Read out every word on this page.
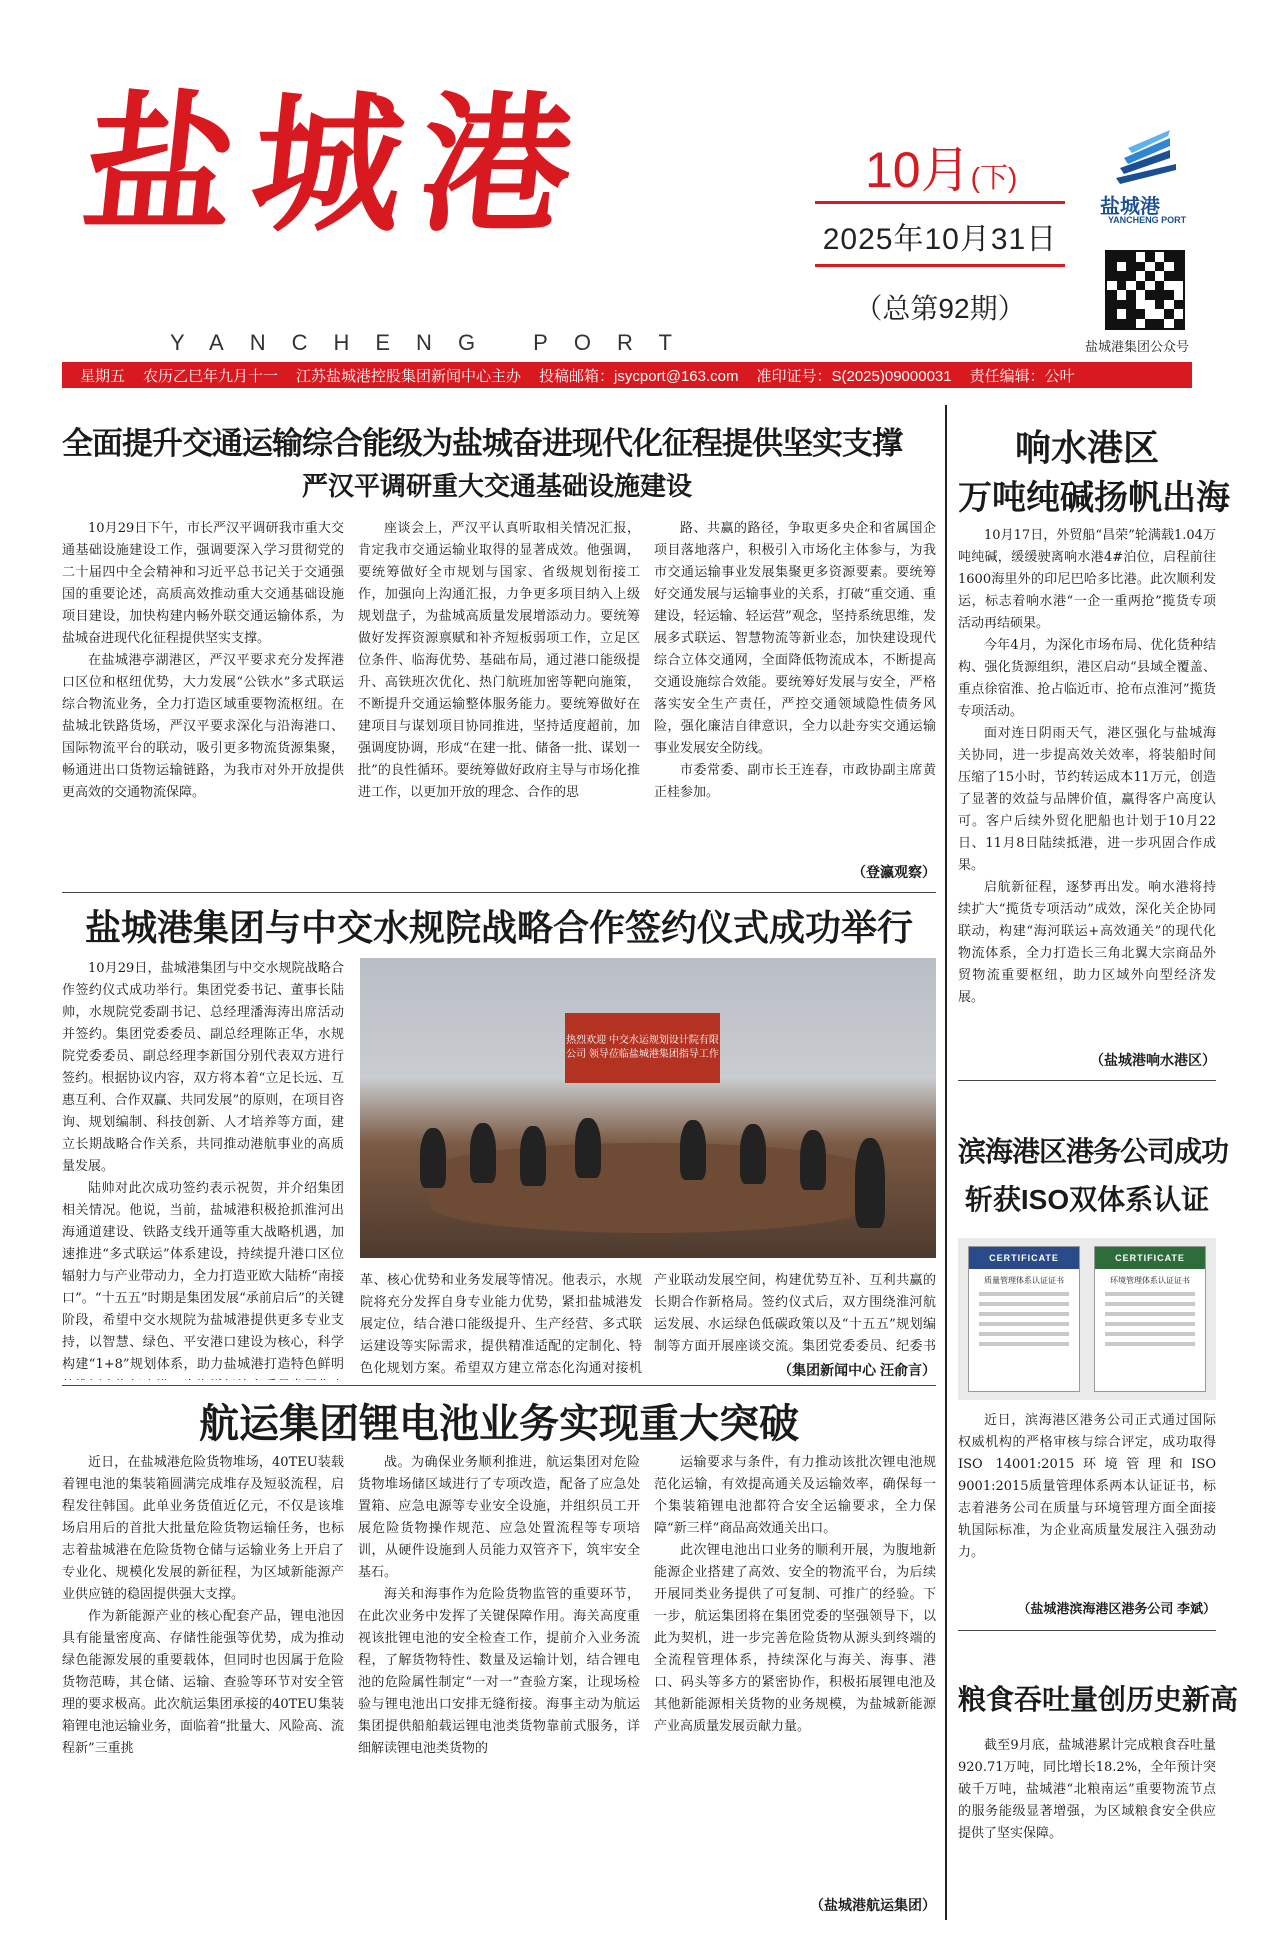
盐城港
YANCHENG PORT
10月(下)
2025年10月31日
（总第92期）
盐城港
YANCHENG PORT
盐城港集团公众号
星期五 农历乙巳年九月十一 江苏盐城港控股集团新闻中心主办 投稿邮箱：jsycport@163.com 准印证号：S(2025)09000031 责任编辑：公叶
全面提升交通运输综合能级为盐城奋进现代化征程提供坚实支撑
严汉平调研重大交通基础设施建设

10月29日下午，市长严汉平调研我市重大交通基础设施建设工作，强调要深入学习贯彻党的二十届四中全会精神和习近平总书记关于交通强国的重要论述，高质高效推动重大交通基础设施项目建设，加快构建内畅外联交通运输体系，为盐城奋进现代化征程提供坚实支撑。

在盐城港亭湖港区，严汉平要求充分发挥港口区位和枢纽优势，大力发展“公铁水”多式联运综合物流业务，全力打造区域重要物流枢纽。在盐城北铁路货场，严汉平要求深化与沿海港口、国际物流平台的联动，吸引更多物流货源集聚，畅通进出口货物运输链路，为我市对外开放提供更高效的交通物流保障。

座谈会上，严汉平认真听取相关情况汇报，肯定我市交通运输业取得的显著成效。他强调，要统筹做好全市规划与国家、省级规划衔接工作，加强向上沟通汇报，力争更多项目纳入上级规划盘子，为盐城高质量发展增添动力。要统筹做好发挥资源禀赋和补齐短板弱项工作，立足区位条件、临海优势、基础布局，通过港口能级提升、高铁班次优化、热门航班加密等靶向施策，不断提升交通运输整体服务能力。要统筹做好在建项目与谋划项目协同推进，坚持适度超前，加强调度协调，形成“在建一批、储备一批、谋划一批”的良性循环。要统筹做好政府主导与市场化推进工作，以更加开放的理念、合作的思

路、共赢的路径，争取更多央企和省属国企项目落地落户，积极引入市场化主体参与，为我市交通运输事业发展集聚更多资源要素。要统筹好交通发展与运输事业的关系，打破“重交通、重建设，轻运输、轻运营”观念，坚持系统思维，发展多式联运、智慧物流等新业态，加快建设现代综合立体交通网，全面降低物流成本，不断提高交通设施综合效能。要统筹好发展与安全，严格落实安全生产责任，严控交通领域隐性债务风险，强化廉洁自律意识，全力以赴夯实交通运输事业发展安全防线。

市委常委、副市长王连春，市政协副主席黄正桂参加。

（登瀛观察）
盐城港集团与中交水规院战略合作签约仪式成功举行

10月29日，盐城港集团与中交水规院战略合作签约仪式成功举行。集团党委书记、董事长陆帅，水规院党委副书记、总经理潘海涛出席活动并签约。集团党委委员、副总经理陈正华，水规院党委委员、副总经理李新国分别代表双方进行签约。根据协议内容，双方将本着“立足长远、互惠互利、合作双赢、共同发展”的原则，在项目咨询、规划编制、科技创新、人才培养等方面，建立长期战略合作关系，共同推动港航事业的高质量发展。

陆帅对此次成功签约表示祝贺，并介绍集团相关情况。他说，当前，盐城港积极抢抓淮河出海通道建设、铁路支线开通等重大战略机遇，加速推进“多式联运”体系建设，持续提升港口区位辐射力与产业带动力，全力打造亚欧大陆桥“南接口”。“十五五”时期是集团发展“承前启后”的关键阶段，希望中交水规院为盐城港提供更多专业支持，以智慧、绿色、平安港口建设为核心，科学构建“1+8”规划体系，助力盐城港打造特色鲜明

热烈欢迎 中交水运规划设计院有限公司 领导莅临盐城港集团指导工作

革、核心优势和业务发展等情况。他表示，水规院将充分发挥自身专业能力优势，紧扣盐城港发展定位，结合港口能级提升、生产经营、多式联运建设等实际需求，提供精准适配的定制化、特色化规划方案。希望双方建立常态化沟通对接机

产业联动发展空间，构建优势互补、互利共赢的长期合作新格局。签约仪式后，双方围绕淮河航运发展、水运绿色低碳政策以及“十五五”规划编制等方面开展座谈交流。集团党委委员、纪委书

（集团新闻中心 汪俞言）
航运集团锂电池业务实现重大突破

近日，在盐城港危险货物堆场，40TEU装载着锂电池的集装箱圆满完成堆存及短驳流程，启程发往韩国。此单业务货值近亿元，不仅是该堆场启用后的首批大批量危险货物运输任务，也标志着盐城港在危险货物仓储与运输业务上开启了专业化、规模化发展的新征程，为区域新能源产业供应链的稳固提供强大支撑。

作为新能源产业的核心配套产品，锂电池因具有能量密度高、存储性能强等优势，成为推动绿色能源发展的重要载体，但同时也因属于危险货物范畴，其仓储、运输、查验等环节对安全管理的要求极高。此次航运集团承接的40TEU集装箱锂电池运输业务，面临着“批量大、风险高、流程新”三重挑

战。为确保业务顺利推进，航运集团对危险货物堆场储区域进行了专项改造，配备了应急处置箱、应急电源等专业安全设施，并组织员工开展危险货物操作规范、应急处置流程等专项培训，从硬件设施到人员能力双管齐下，筑牢安全基石。

海关和海事作为危险货物监管的重要环节，在此次业务中发挥了关键保障作用。海关高度重视该批锂电池的安全检查工作，提前介入业务流程，了解货物特性、数量及运输计划，结合锂电池的危险属性制定“一对一”查验方案，让现场检验与锂电池出口安排无缝衔接。海事主动为航运集团提供船舶载运锂电池类货物靠前式服务，详细解读锂电池类货物的

运输要求与条件，有力推动该批次锂电池规范化运输，有效提高通关及运输效率，确保每一个集装箱锂电池都符合安全运输要求，全力保障“新三样”商品高效通关出口。

此次锂电池出口业务的顺利开展，为腹地新能源企业搭建了高效、安全的物流平台，为后续开展同类业务提供了可复制、可推广的经验。下一步，航运集团将在集团党委的坚强领导下，以此为契机，进一步完善危险货物从源头到终端的全流程管理体系，持续深化与海关、海事、港口、码头等多方的紧密协作，积极拓展锂电池及其他新能源相关货物的业务规模，为盐城新能源产业高质量发展贡献力量。

（盐城港航运集团）
响水港区
万吨纯碱扬帆出海

10月17日，外贸船“昌荣”轮满载1.04万吨纯碱，缓缓驶离响水港4#泊位，启程前往1600海里外的印尼巴哈多比港。此次顺利发运，标志着响水港“一企一重两抢”揽货专项活动再结硕果。

今年4月，为深化市场布局、优化货种结构、强化货源组织，港区启动“县域全覆盖、重点徐宿淮、抢占临近市、抢布点淮河”揽货专项活动。

面对连日阴雨天气，港区强化与盐城海关协同，进一步提高效关效率，将装船时间压缩了15小时，节约转运成本11万元，创造了显著的效益与品牌价值，赢得客户高度认可。客户后续外贸化肥船也计划于10月22日、11月8日陆续抵港，进一步巩固合作成果。

启航新征程，逐梦再出发。响水港将持续扩大“揽货专项活动”成效，深化关企协同联动，构建“海河联运+高效通关”的现代化物流体系，全力打造长三角北翼大宗商品外贸物流重要枢纽，助力区域外向型经济发展。

（盐城港响水港区）
滨海港区港务公司成功
斩获ISO双体系认证
CERTIFICATE
质量管理体系认证证书
CERTIFICATE
环境管理体系认证证书

近日，滨海港区港务公司正式通过国际权威机构的严格审核与综合评定，成功取得ISO 14001:2015环境管理和ISO 9001:2015质量管理体系两本认证证书，标志着港务公司在质量与环境管理方面全面接轨国际标准，为企业高质量发展注入强劲动力。

（盐城港滨海港区港务公司 李斌）
粮食吞吐量创历史新高

截至9月底，盐城港累计完成粮食吞吐量920.71万吨，同比增长18.2%，全年预计突破千万吨，盐城港“北粮南运”重要物流节点的服务能级显著增强，为区域粮食安全供应提供了坚实保障。
